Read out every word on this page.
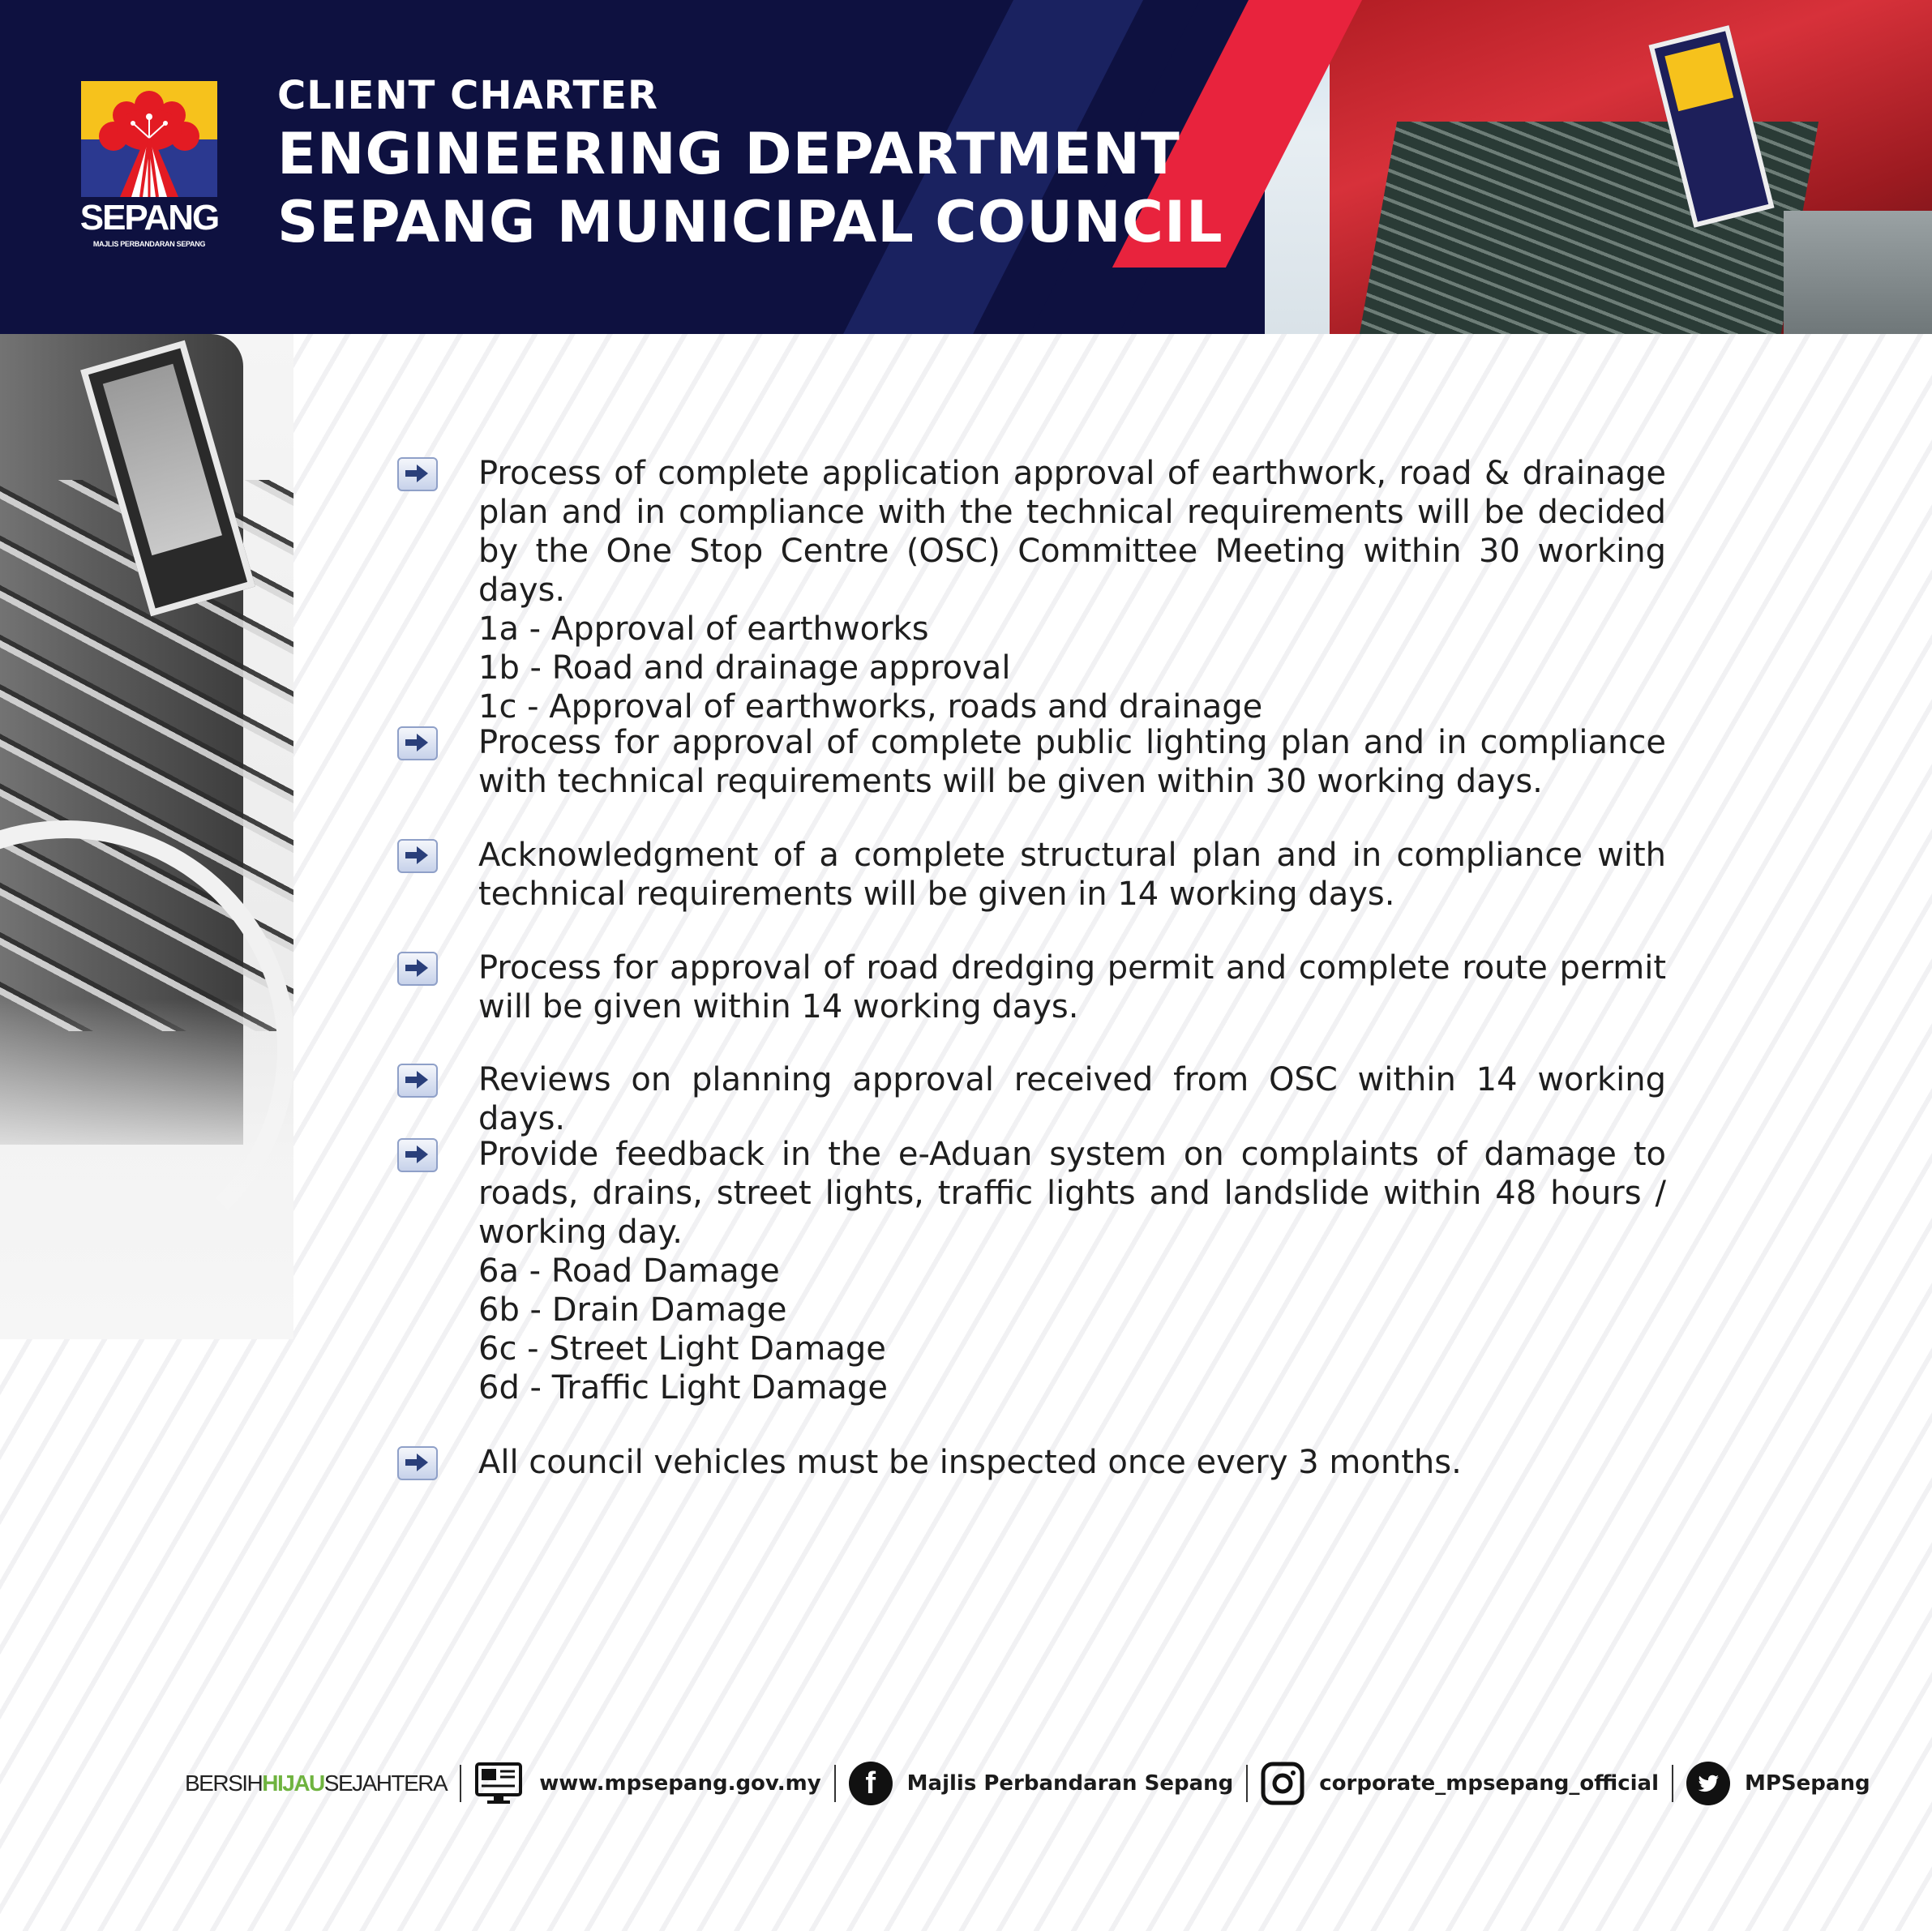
SEPANG
MAJLIS PERBANDARAN SEPANG

CLIENT CHARTER

ENGINEERING DEPARTMENT

SEPANG MUNICIPAL COUNCIL

Process of complete application approval of earthwork, road & drainage plan and in compliance with the technical requirements will be decided by the One Stop Centre (OSC) Committee Meeting within 30 working days.
1a - Approval of earthworks
1b - Road and drainage approval
1c - Approval of earthworks, roads and drainage
Process for approval of complete public lighting plan and in compliance with technical requirements will be given within 30 working days.
Acknowledgment of a complete structural plan and in compliance with technical requirements will be given in 14 working days.
Process for approval of road dredging permit and complete route permit will be given within 14 working days.
Reviews on planning approval received from OSC within 14 working days.
Provide feedback in the e-Aduan system on complaints of damage to roads, drains, street lights, traffic lights and landslide within 48 hours / working day.
6a - Road Damage
6b - Drain Damage
6c - Street Light Damage
6d - Traffic Light Damage
All council vehicles must be inspected once every 3 months.
BERSIH HIJAU SEJAHTERA	www.mpsepang.gov.my	f	Majlis Perbandaran Sepang	corporate_mpsepang_official	MPSepang
